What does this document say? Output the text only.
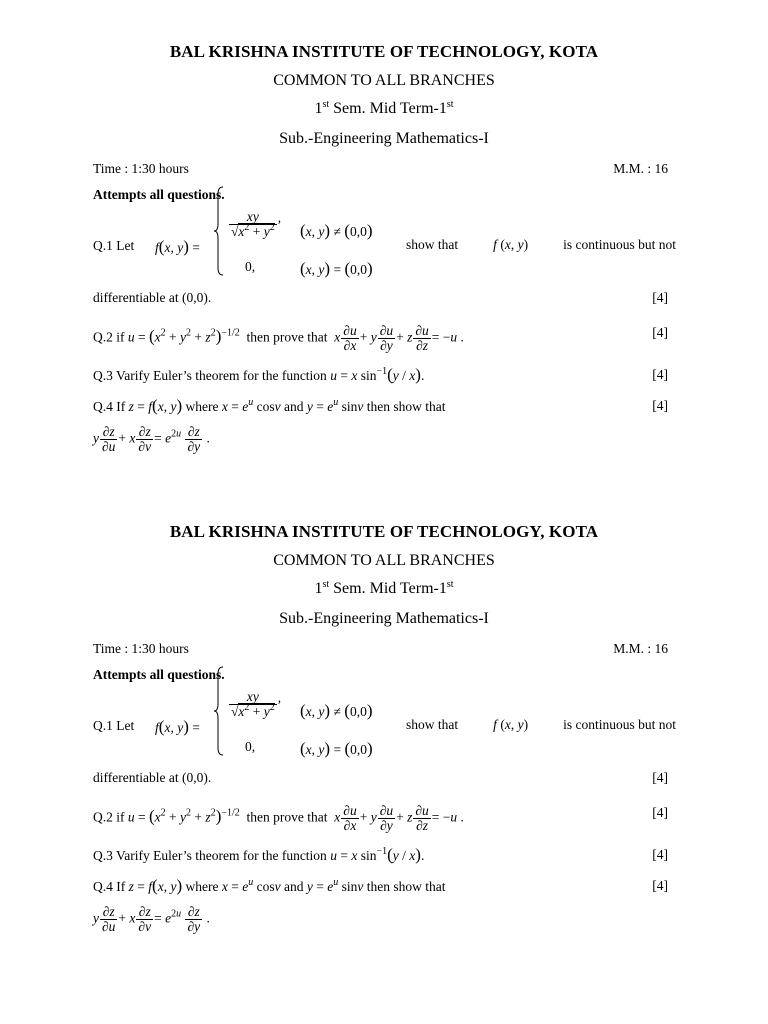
BAL KRISHNA INSTITUTE OF TECHNOLOGY, KOTA
COMMON TO ALL BRANCHES
1st Sem. Mid Term-1st
Sub.-Engineering Mathematics-I
Time : 1:30 hours	M.M. : 16
Attempts all questions.
Q.1 Let	f(x, y) =
$\frac{xy}{√x^2 + y^2}$ ,
(x, y) ≠ (0,0)
0,	(x, y) = (0,0)
show that	f (x, y)	is continuous but not
differentiable at (0,0).	[4]
Q.2 if $u = (x^2 + y^2 + z^2)^{-1/2}$ then prove that x $\frac{\partial u}{\partial x} + y \frac{\partial u}{\partial y} + z \frac{\partial u}{\partial z} = -u$ .	[4]
Q.3 Varify Euler’s theorem for the function u = x $\sin^{-1}(y / x)$.	[4]
Q.4 If z = f(x, y) where $x = e^u$ cosv and $y = e^u$ sinv then show that	[4]
y $\frac{\partial z}{\partial u} + x \frac{\partial z}{\partial v} = e^{2u} \frac{\partial z}{\partial y}$ .
BAL KRISHNA INSTITUTE OF TECHNOLOGY, KOTA
COMMON TO ALL BRANCHES
1st Sem. Mid Term-1st
Sub.-Engineering Mathematics-I
Time : 1:30 hours	M.M. : 16
Attempts all questions.
Q.1 Let	f(x, y) =
$\frac{xy}{√x^2 + y^2}$ ,
(x, y) ≠ (0,0)
0,	(x, y) = (0,0)
show that	f (x, y)	is continuous but not
differentiable at (0,0).	[4]
Q.2 if $u = (x^2 + y^2 + z^2)^{-1/2}$ then prove that x $\frac{\partial u}{\partial x} + y \frac{\partial u}{\partial y} + z \frac{\partial u}{\partial z} = -u$ .	[4]
Q.3 Varify Euler’s theorem for the function u = x $\sin^{-1}(y / x)$.	[4]
Q.4 If z = f(x, y) where $x = e^u$ cosv and $y = e^u$ sinv then show that	[4]
y $\frac{\partial z}{\partial u} + x \frac{\partial z}{\partial v} = e^{2u} \frac{\partial z}{\partial y}$ .
